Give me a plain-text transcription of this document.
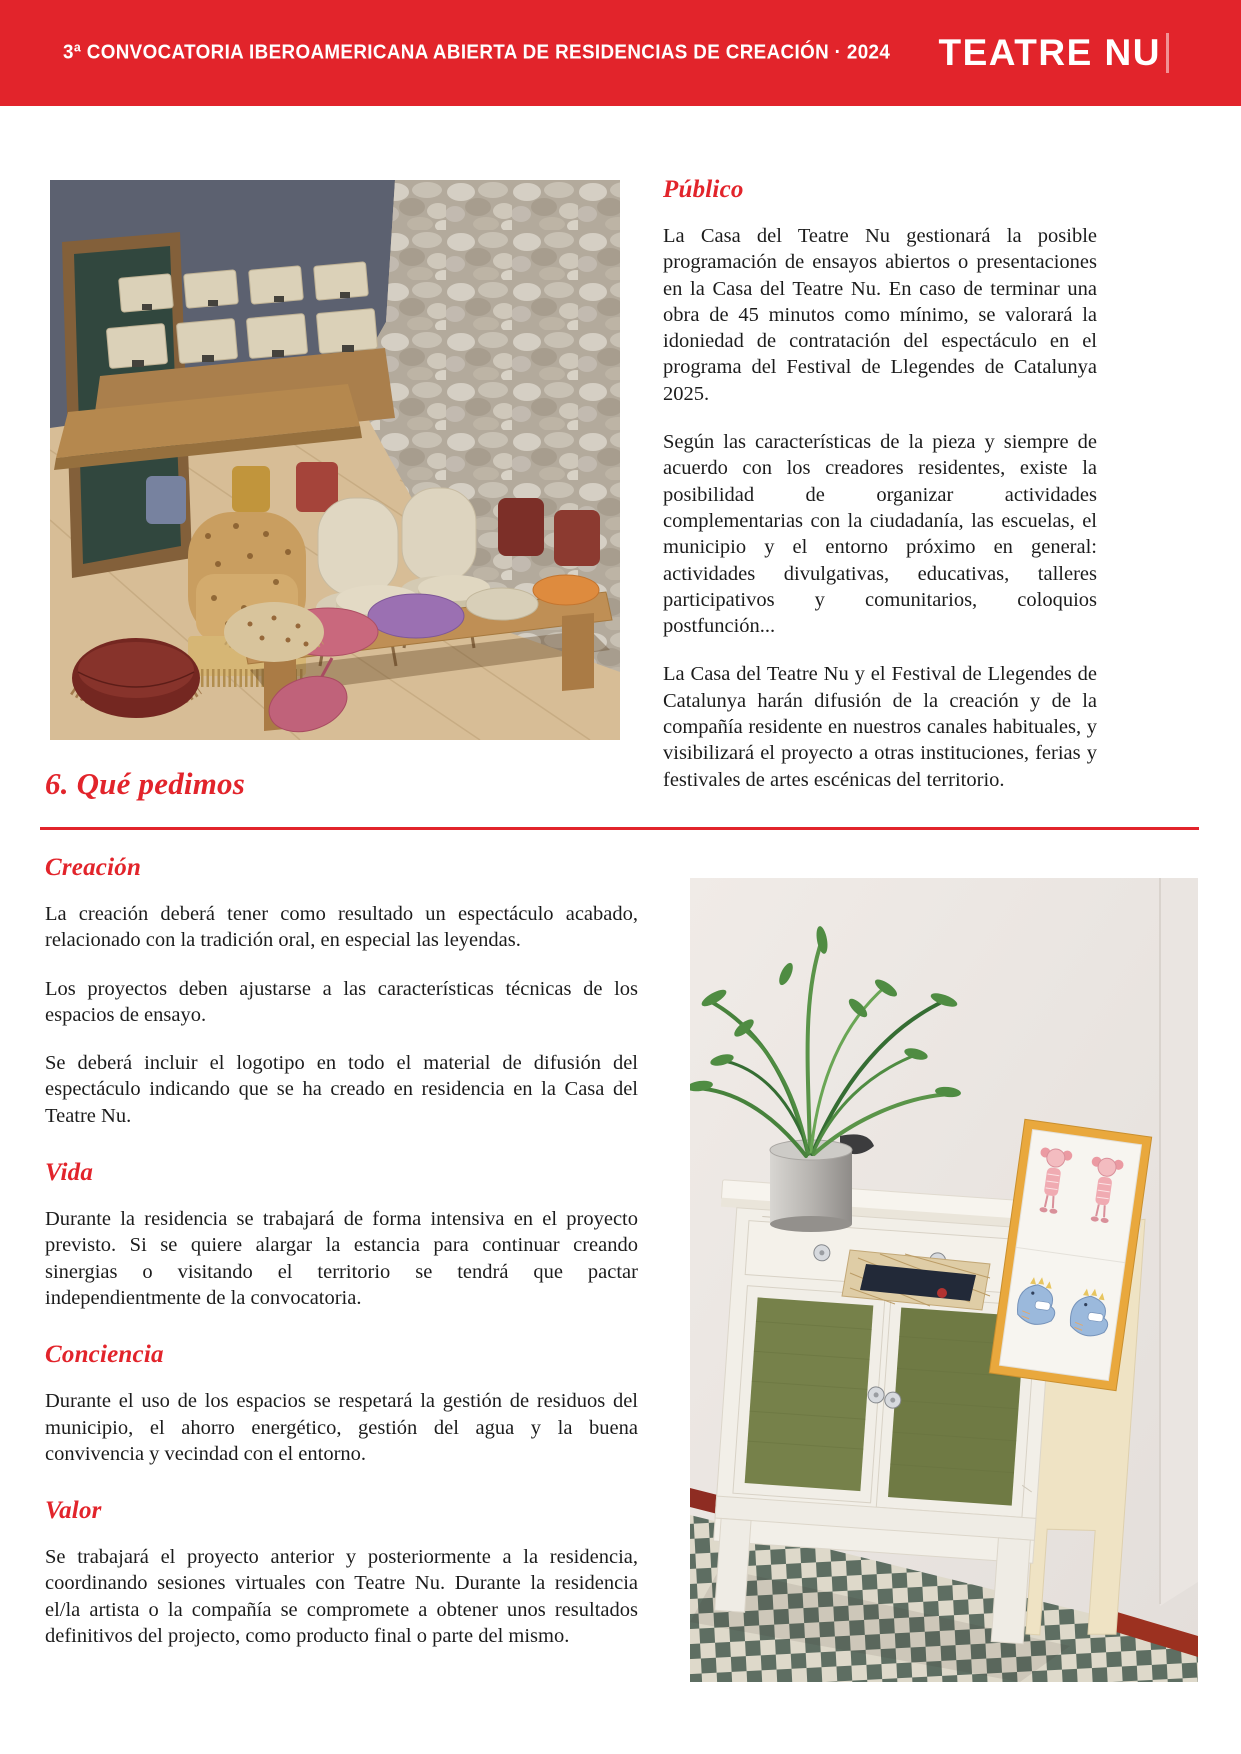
3ª CONVOCATORIA IBEROAMERICANA ABIERTA DE RESIDENCIAS DE CREACIÓN · 2024 TEATRE NU
Público

La Casa del Teatre Nu gestionará la posible programación de ensayos abiertos o presentaciones en la Casa del Teatre Nu. En caso de terminar una obra de 45 minutos como mínimo, se valorará la idoniedad de contratación del espectáculo en el programa del Festival de Llegendes de Catalunya 2025.

Según las características de la pieza y siempre de acuerdo con los creadores residentes, existe la posibilidad de organizar actividades complementarias con la ciudadanía, las escuelas, el municipio y el entorno próximo en general: actividades divulgativas, educativas, talleres participativos y comunitarios, coloquios postfunción...

La Casa del Teatre Nu y el Festival de Llegendes de Catalunya harán difusión de la creación y de la compañía residente en nuestros canales habituales, y visibilizará el proyecto a otras instituciones, ferias y festivales de artes escénicas del territorio.

6. Qué pedimos
Creación

La creación deberá tener como resultado un espectáculo acabado, relacionado con la tradición oral, en especial las leyendas.

Los proyectos deben ajustarse a las características técnicas de los espacios de ensayo.

Se deberá incluir el logotipo en todo el material de difusión del espectáculo indicando que se ha creado en residencia en la Casa del Teatre Nu.

Vida

Durante la residencia se trabajará de forma intensiva en el proyecto previsto. Si se quiere alargar la estancia para continuar creando sinergias o visitando el territorio se tendrá que pactar independientmente de la convocatoria.

Conciencia

Durante el uso de los espacios se respetará la gestión de residuos del municipio, el ahorro energético, gestión del agua y la buena convivencia y vecindad con el entorno.

Valor

Se trabajará el proyecto anterior y posteriormente a la residencia, coordinando sesiones virtuales con Teatre Nu. Durante la residencia el/la artista o la compañía se compromete a obtener unos resultados definitivos del projecto, como producto final o parte del mismo.
